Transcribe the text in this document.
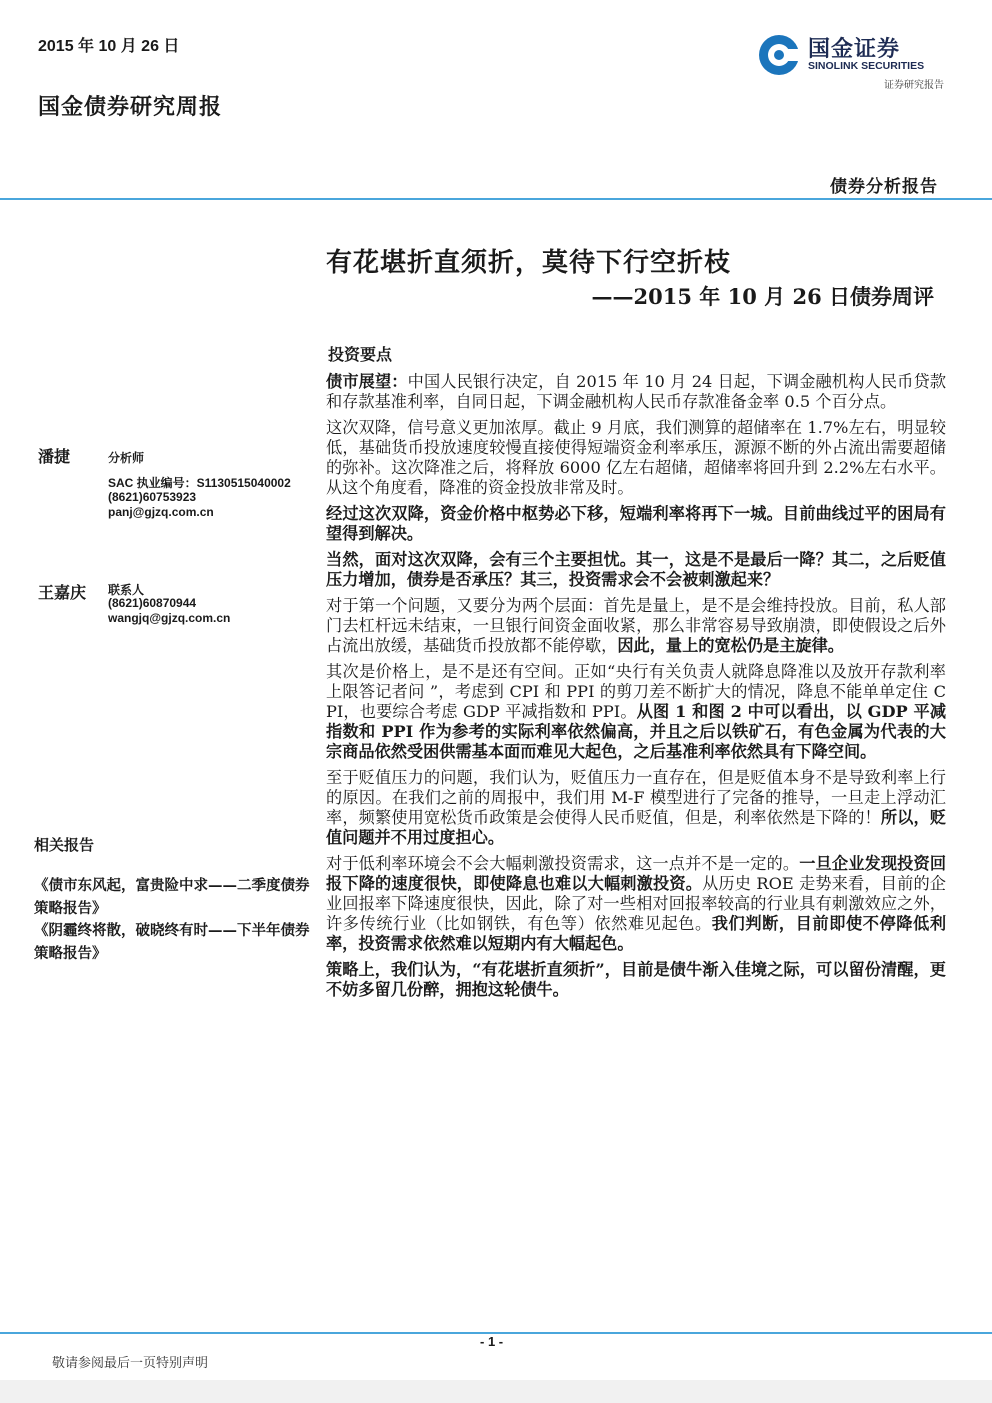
2015 年 10 月 26 日
国金债券研究周报
国金证券
SINOLINK SECURITIES
证券研究报告
债券分析报告
有花堪折直须折，莫待下行空折枝
——2015 年 10 月 26 日债券周评
投资要点

债市展望：中国人民银行决定，自 2015 年 10 月 24 日起，下调金融机构人民币贷款和存款基准利率，自同日起，下调金融机构人民币存款准备金率 0.5 个百分点。

这次双降，信号意义更加浓厚。截止 9 月底，我们测算的超储率在 1.7%左右，明显较低，基础货币投放速度较慢直接使得短端资金利率承压，源源不断的外占流出需要超储的弥补。这次降准之后，将释放 6000 亿左右超储，超储率将回升到 2.2%左右水平。从这个角度看，降准的资金投放非常及时。

经过这次双降，资金价格中枢势必下移，短端利率将再下一城。目前曲线过平的困局有望得到解决。

当然，面对这次双降，会有三个主要担忧。其一，这是不是最后一降？其二，之后贬值压力增加，债券是否承压？其三，投资需求会不会被刺激起来？

对于第一个问题，又要分为两个层面：首先是量上，是不是会维持投放。目前，私人部门去杠杆远未结束，一旦银行间资金面收紧，那么非常容易导致崩溃，即使假设之后外占流出放缓，基础货币投放都不能停歇，因此，量上的宽松仍是主旋律。

其次是价格上，是不是还有空间。正如“央行有关负责人就降息降准以及放开存款利率上限答记者问 ”，考虑到 CPI 和 PPI 的剪刀差不断扩大的情况，降息不能单单定住 CPI，也要综合考虑 GDP 平减指数和 PPI。从图 1 和图 2 中可以看出，以 GDP 平减指数和 PPI 作为参考的实际利率依然偏高，并且之后以铁矿石，有色金属为代表的大宗商品依然受困供需基本面而难见大起色，之后基准利率依然具有下降空间。

至于贬值压力的问题，我们认为，贬值压力一直存在，但是贬值本身不是导致利率上行的原因。在我们之前的周报中，我们用 M-F 模型进行了完备的推导，一旦走上浮动汇率，频繁使用宽松货币政策是会使得人民币贬值，但是，利率依然是下降的！所以，贬值问题并不用过度担心。

对于低利率环境会不会大幅刺激投资需求，这一点并不是一定的。一旦企业发现投资回报下降的速度很快，即使降息也难以大幅刺激投资。从历史 ROE 走势来看，目前的企业回报率下降速度很快，因此，除了对一些相对回报率较高的行业具有刺激效应之外，许多传统行业（比如钢铁，有色等）依然难见起色。我们判断，目前即使不停降低利率，投资需求依然难以短期内有大幅起色。

策略上，我们认为，“有花堪折直须折”，目前是债牛渐入佳境之际，可以留份清醒，更不妨多留几份醉，拥抱这轮债牛。

潘捷	分析师
SAC 执业编号：S1130515040002
(8621)60753923
panj@gjzq.com.cn
王嘉庆 联系人
(8621)60870944
wangjq@gjzq.com.cn
相关报告
《债市东风起，富贵险中求——二季度债券策略报告》
《阴霾终将散，破晓终有时——下半年债券策略报告》
- 1 -
敬请参阅最后一页特别声明
